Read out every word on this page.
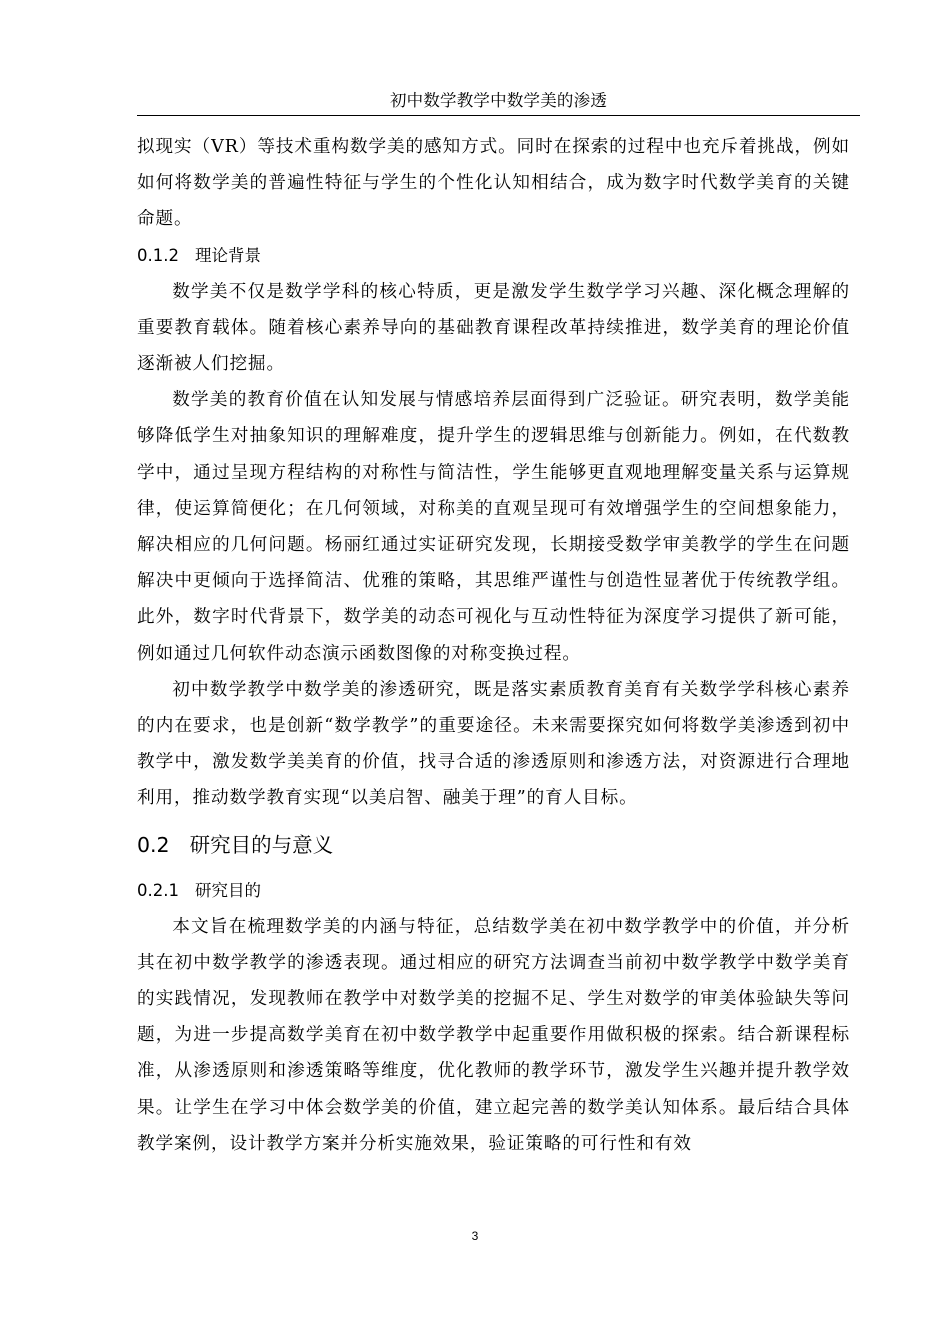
初中数学教学中数学美的渗透

拟现实（VR）等技术重构数学美的感知方式。同时在探索的过程中也充斥着挑战，例如如何将数学美的普遍性特征与学生的个性化认知相结合，成为数字时代数学美育的关键命题。

0.1.2 理论背景

数学美不仅是数学学科的核心特质，更是激发学生数学学习兴趣、深化概念理解的重要教育载体。随着核心素养导向的基础教育课程改革持续推进，数学美育的理论价值逐渐被人们挖掘。

数学美的教育价值在认知发展与情感培养层面得到广泛验证。研究表明，数学美能够降低学生对抽象知识的理解难度，提升学生的逻辑思维与创新能力。例如，在代数教学中，通过呈现方程结构的对称性与简洁性，学生能够更直观地理解变量关系与运算规律，使运算简便化；在几何领域，对称美的直观呈现可有效增强学生的空间想象能力，解决相应的几何问题。杨丽红通过实证研究发现，长期接受数学审美教学的学生在问题解决中更倾向于选择简洁、优雅的策略，其思维严谨性与创造性显著优于传统教学组。此外，数字时代背景下，数学美的动态可视化与互动性特征为深度学习提供了新可能，例如通过几何软件动态演示函数图像的对称变换过程。

初中数学教学中数学美的渗透研究，既是落实素质教育美育有关数学学科核心素养的内在要求，也是创新“数学教学”的重要途径。未来需要探究如何将数学美渗透到初中教学中，激发数学美美育的价值，找寻合适的渗透原则和渗透方法，对资源进行合理地利用，推动数学教育实现“以美启智、融美于理”的育人目标。

0.2 研究目的与意义
0.2.1 研究目的

本文旨在梳理数学美的内涵与特征，总结数学美在初中数学教学中的价值，并分析其在初中数学教学的渗透表现。通过相应的研究方法调查当前初中数学教学中数学美育的实践情况，发现教师在教学中对数学美的挖掘不足、学生对数学的审美体验缺失等问题，为进一步提高数学美育在初中数学教学中起重要作用做积极的探索。结合新课程标准，从渗透原则和渗透策略等维度，优化教师的教学环节，激发学生兴趣并提升教学效果。让学生在学习中体会数学美的价值，建立起完善的数学美认知体系。最后结合具体教学案例，设计教学方案并分析实施效果，验证策略的可行性和有效

3
